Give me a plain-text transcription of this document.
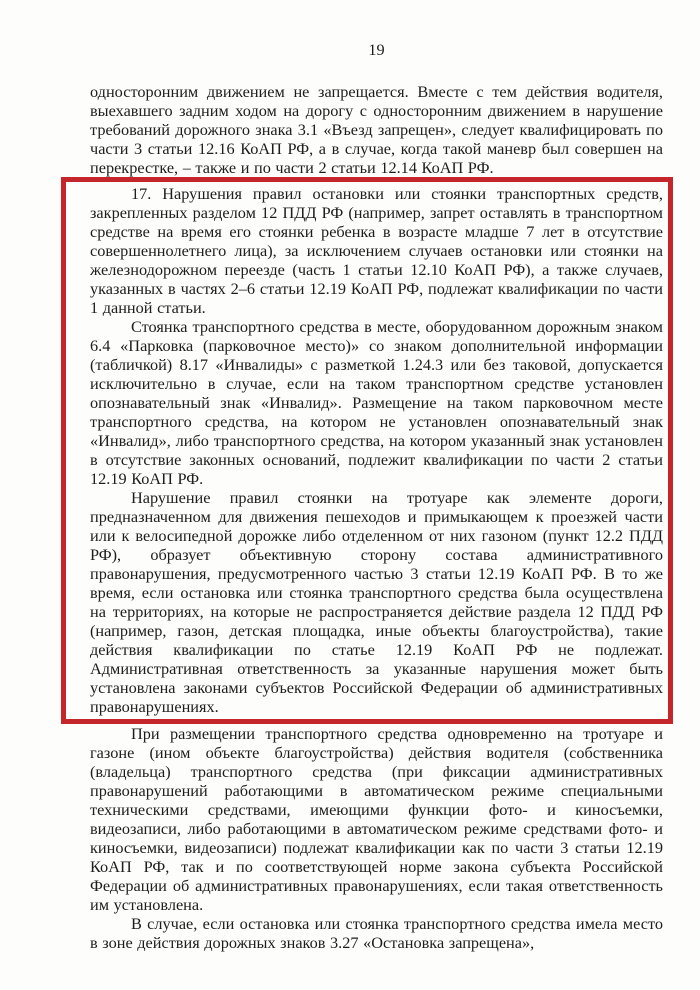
19

односторонним движением не запрещается. Вместе с тем действия водителя, выехавшего задним ходом на дорогу с односторонним движением в нарушение требований дорожного знака 3.1 «Въезд запрещен», следует квалифицировать по части 3 статьи 12.16 КоАП РФ, а в случае, когда такой маневр был совершен на перекрестке, – также и по части 2 статьи 12.14 КоАП РФ.

17. Нарушения правил остановки или стоянки транспортных средств, закрепленных разделом 12 ПДД РФ (например, запрет оставлять в транспортном средстве на время его стоянки ребенка в возрасте младше 7 лет в отсутствие совершеннолетнего лица), за исключением случаев остановки или стоянки на железнодорожном переезде (часть 1 статьи 12.10 КоАП РФ), а также случаев, указанных в частях 2–6 статьи 12.19 КоАП РФ, подлежат квалификации по части 1 данной статьи.

Стоянка транспортного средства в месте, оборудованном дорожным знаком 6.4 «Парковка (парковочное место)» со знаком дополнительной информации (табличкой) 8.17 «Инвалиды» с разметкой 1.24.3 или без таковой, допускается исключительно в случае, если на таком транспортном средстве установлен опознавательный знак «Инвалид». Размещение на таком парковочном месте транспортного средства, на котором не установлен опознавательный знак «Инвалид», либо транспортного средства, на котором указанный знак установлен в отсутствие законных оснований, подлежит квалификации по части 2 статьи 12.19 КоАП РФ.

Нарушение правил стоянки на тротуаре как элементе дороги, предназначенном для движения пешеходов и примыкающем к проезжей части или к велосипедной дорожке либо отделенном от них газоном (пункт 12.2 ПДД РФ), образует объективную сторону состава административного правонарушения, предусмотренного частью 3 статьи 12.19 КоАП РФ. В то же время, если остановка или стоянка транспортного средства была осуществлена на территориях, на которые не распространяется действие раздела 12 ПДД РФ (например, газон, детская площадка, иные объекты благоустройства), такие действия квалификации по статье 12.19 КоАП РФ не подлежат. Административная ответственность за указанные нарушения может быть установлена законами субъектов Российской Федерации об административных правонарушениях.

При размещении транспортного средства одновременно на тротуаре и газоне (ином объекте благоустройства) действия водителя (собственника (владельца) транспортного средства (при фиксации административных правонарушений работающими в автоматическом режиме специальными техническими средствами, имеющими функции фото- и киносъемки, видеозаписи, либо работающими в автоматическом режиме средствами фото- и киносъемки, видеозаписи) подлежат квалификации как по части 3 статьи 12.19 КоАП РФ, так и по соответствующей норме закона субъекта Российской Федерации об административных правонарушениях, если такая ответственность им установлена.

В случае, если остановка или стоянка транспортного средства имела место в зоне действия дорожных знаков 3.27 «Остановка запрещена»,
